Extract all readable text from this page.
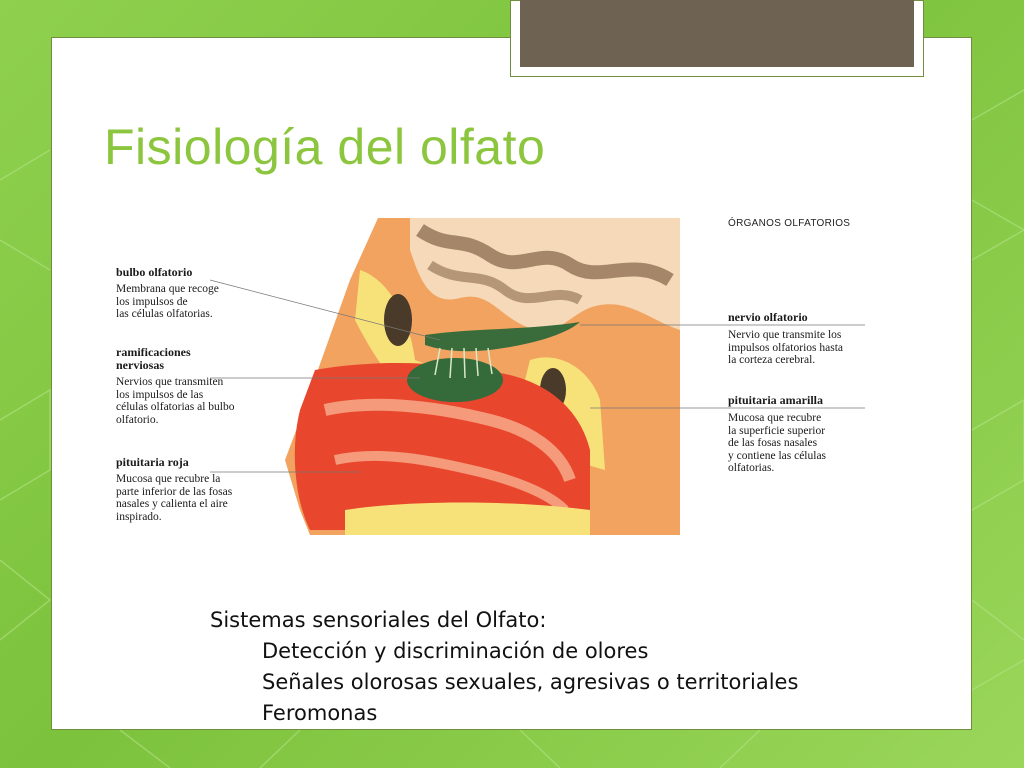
Fisiología del olfato
ÓRGANOS OLFATORIOS
bulbo olfatorio
Membrana que recoge
los impulsos de
las células olfatorias.
ramificaciones
nerviosas
Nervios que transmiten
los impulsos de las
células olfatorias al bulbo
olfatorio.
pituitaria roja
Mucosa que recubre la
parte inferior de las fosas
nasales y calienta el aire
inspirado.
nervio olfatorio
Nervio que transmite los
impulsos olfatorios hasta
la corteza cerebral.
pituitaria amarilla
Mucosa que recubre
la superficie superior
de las fosas nasales
y contiene las células
olfatorias.
Sistemas sensoriales del Olfato:
Detección y discriminación de olores
Señales olorosas sexuales, agresivas o territoriales
Feromonas
